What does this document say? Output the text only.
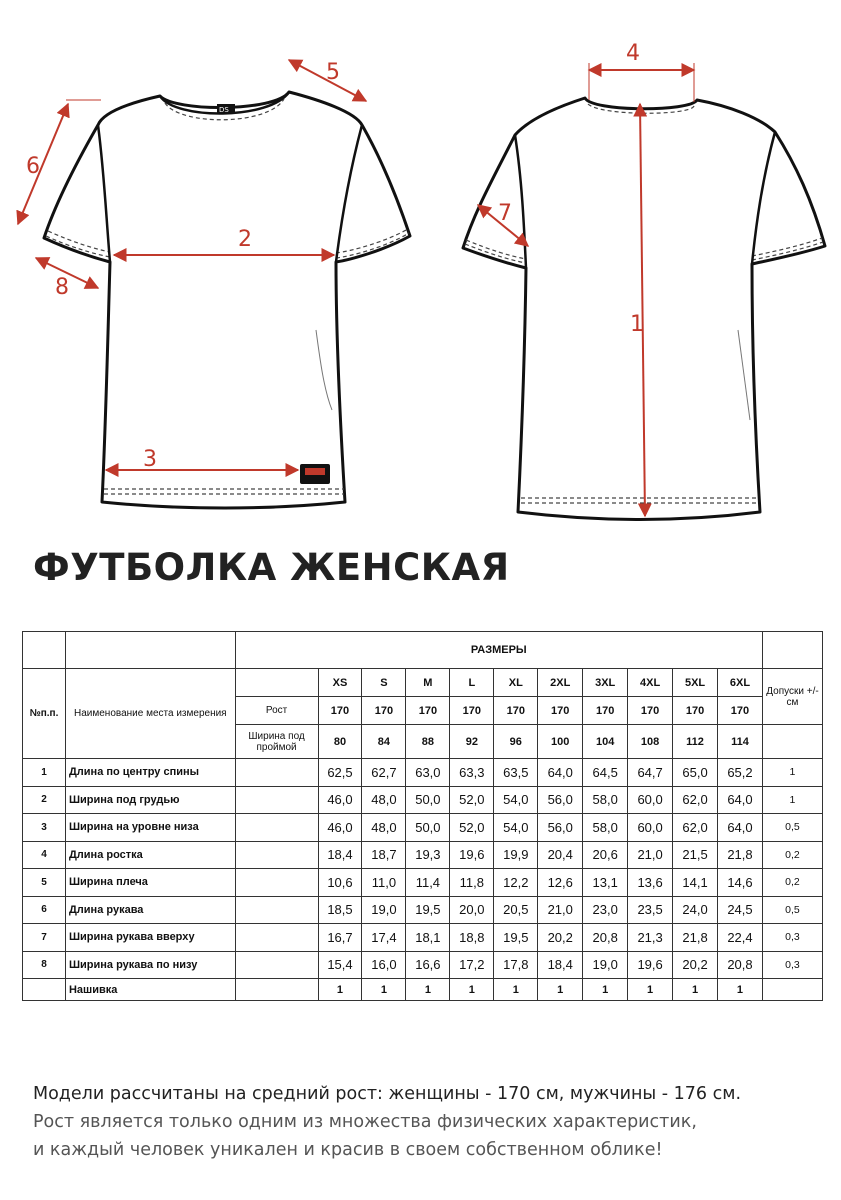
DS
1
2
3
4
5
6
7
8
ФУТБОЛКА ЖЕНСКАЯ
		РАЗМЕРЫ											
№п.п.	Наименование места измерения		XS	S	M	L	XL	2XL	3XL	4XL	5XL	6XL	Допуски +/- см
		Рост	170	170	170	170	170	170	170	170	170	170	
		Ширина под проймой	80	84	88	92	96	100	104	108	112	114	
1	Длина по центру спины		62,5	62,7	63,0	63,3	63,5	64,0	64,5	64,7	65,0	65,2	1
2	Ширина под грудью		46,0	48,0	50,0	52,0	54,0	56,0	58,0	60,0	62,0	64,0	1
3	Ширина на уровне низа		46,0	48,0	50,0	52,0	54,0	56,0	58,0	60,0	62,0	64,0	0,5
4	Длина ростка		18,4	18,7	19,3	19,6	19,9	20,4	20,6	21,0	21,5	21,8	0,2
5	Ширина плеча		10,6	11,0	11,4	11,8	12,2	12,6	13,1	13,6	14,1	14,6	0,2
6	Длина рукава		18,5	19,0	19,5	20,0	20,5	21,0	23,0	23,5	24,0	24,5	0,5
7	Ширина рукава вверху		16,7	17,4	18,1	18,8	19,5	20,2	20,8	21,3	21,8	22,4	0,3
8	Ширина рукава по низу		15,4	16,0	16,6	17,2	17,8	18,4	19,0	19,6	20,2	20,8	0,3
	Нашивка		1	1	1	1	1	1	1	1	1	1	

Модели рассчитаны на средний рост: женщины - 170 см, мужчины - 176 см.

Рост является только одним из множества физических характеристик,

и каждый человек уникален и красив в своем собственном облике!
